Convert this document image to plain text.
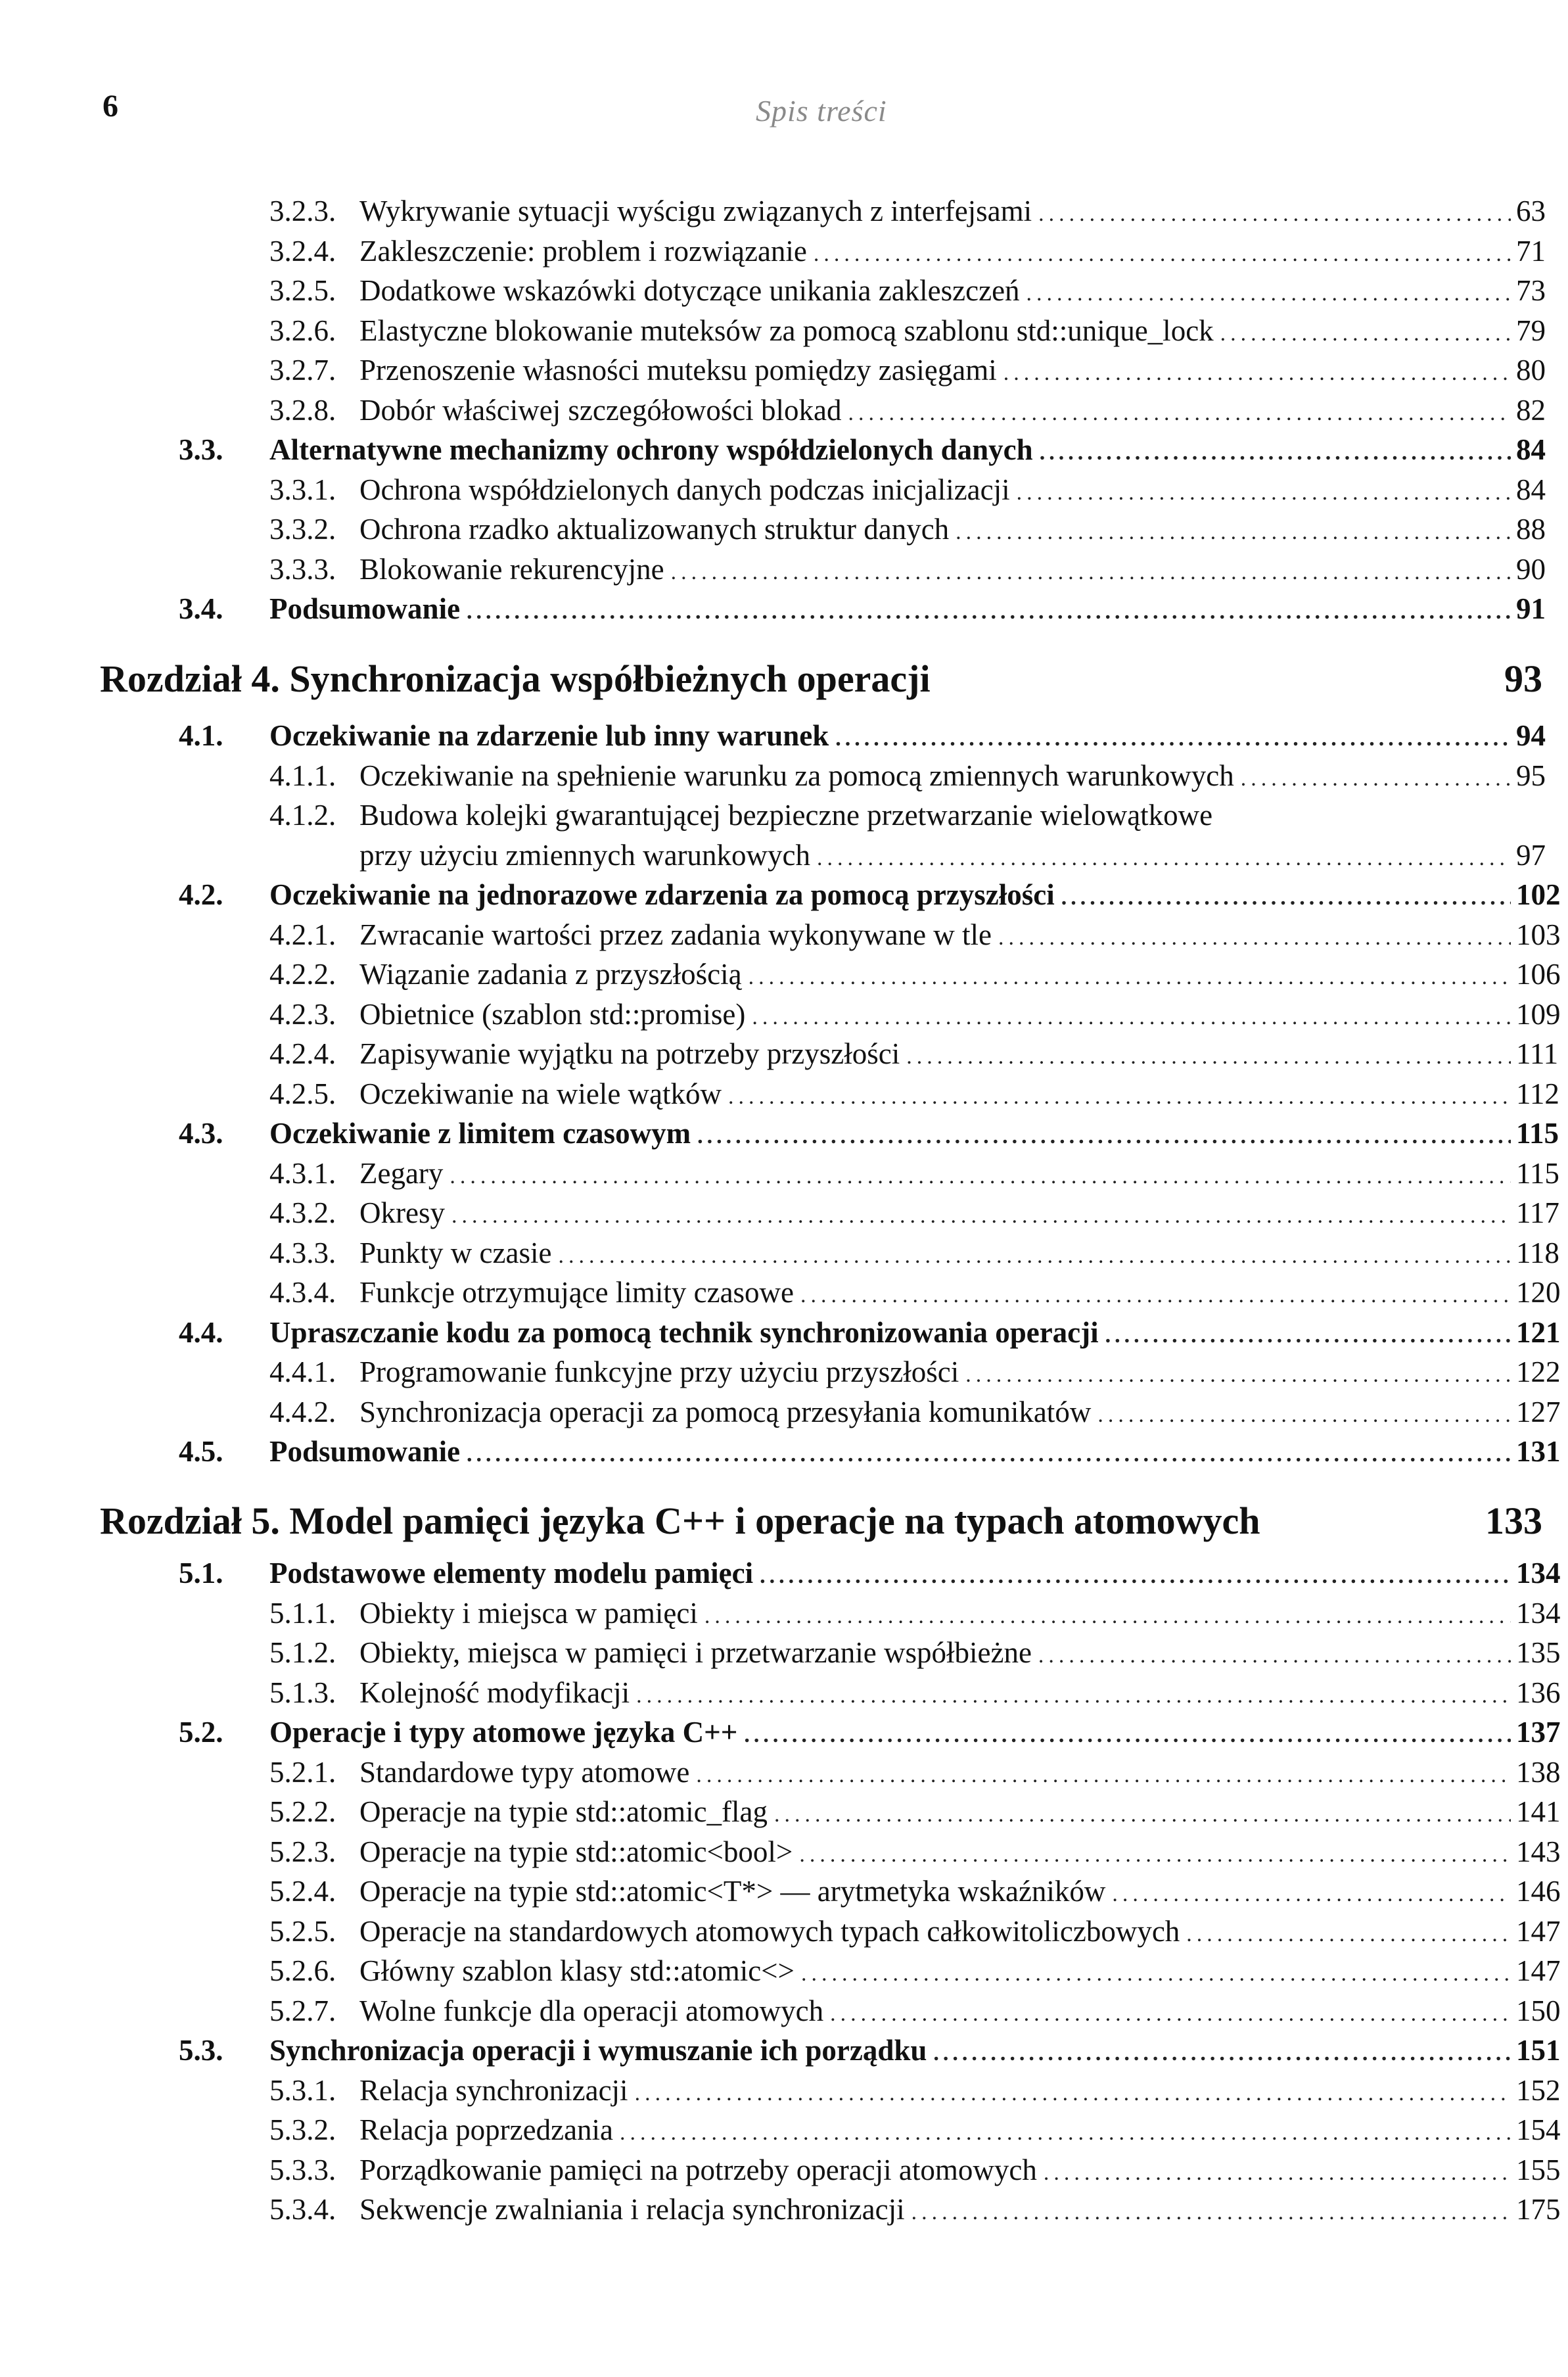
6	Spis treści
3.2.3. Wykrywanie sytuacji wyścigu związanych z interfejsami .....	63
3.2.4. Zakleszczenie: problem i rozwiązanie .....	71
3.2.5. Dodatkowe wskazówki dotyczące unikania zakleszczeń .....	73
3.2.6. Elastyczne blokowanie muteksów za pomocą szablonu std::unique_lock .....	79
3.2.7. Przenoszenie własności muteksu pomiędzy zasięgami .....	80
3.2.8. Dobór właściwej szczegółowości blokad .....	82
3.3. Alternatywne mechanizmy ochrony współdzielonych danych .....	84
3.3.1. Ochrona współdzielonych danych podczas inicjalizacji .....	84
3.3.2. Ochrona rzadko aktualizowanych struktur danych .....	88
3.3.3. Blokowanie rekurencyjne .....	90
3.4. Podsumowanie .....	91
Rozdział 4. Synchronizacja współbieżnych operacji	93
4.1. Oczekiwanie na zdarzenie lub inny warunek .....	94
4.1.1. Oczekiwanie na spełnienie warunku za pomocą zmiennych warunkowych .....	95
4.1.2. Budowa kolejki gwarantującej bezpieczne przetwarzanie wielowątkowe
przy użyciu zmiennych warunkowych .....	97
4.2. Oczekiwanie na jednorazowe zdarzenia za pomocą przyszłości .....	102
4.2.1. Zwracanie wartości przez zadania wykonywane w tle .....	103
4.2.2. Wiązanie zadania z przyszłością .....	106
4.2.3. Obietnice (szablon std::promise) .....	109
4.2.4. Zapisywanie wyjątku na potrzeby przyszłości .....	111
4.2.5. Oczekiwanie na wiele wątków .....	112
4.3. Oczekiwanie z limitem czasowym .....	115
4.3.1. Zegary .....	115
4.3.2. Okresy .....	117
4.3.3. Punkty w czasie .....	118
4.3.4. Funkcje otrzymujące limity czasowe .....	120
4.4. Upraszczanie kodu za pomocą technik synchronizowania operacji .....	121
4.4.1. Programowanie funkcyjne przy użyciu przyszłości .....	122
4.4.2. Synchronizacja operacji za pomocą przesyłania komunikatów .....	127
4.5. Podsumowanie .....	131
Rozdział 5. Model pamięci języka C++ i operacje na typach atomowych	133
5.1. Podstawowe elementy modelu pamięci .....	134
5.1.1. Obiekty i miejsca w pamięci .....	134
5.1.2. Obiekty, miejsca w pamięci i przetwarzanie współbieżne .....	135
5.1.3. Kolejność modyfikacji .....	136
5.2. Operacje i typy atomowe języka C++ .....	137
5.2.1. Standardowe typy atomowe .....	138
5.2.2. Operacje na typie std::atomic_flag .....	141
5.2.3. Operacje na typie std::atomic<bool> .....	143
5.2.4. Operacje na typie std::atomic<T*> — arytmetyka wskaźników .....	146
5.2.5. Operacje na standardowych atomowych typach całkowitoliczbowych .....	147
5.2.6. Główny szablon klasy std::atomic<> .....	147
5.2.7. Wolne funkcje dla operacji atomowych .....	150
5.3. Synchronizacja operacji i wymuszanie ich porządku .....	151
5.3.1. Relacja synchronizacji .....	152
5.3.2. Relacja poprzedzania .....	154
5.3.3. Porządkowanie pamięci na potrzeby operacji atomowych .....	155
5.3.4. Sekwencje zwalniania i relacja synchronizacji .....	175
